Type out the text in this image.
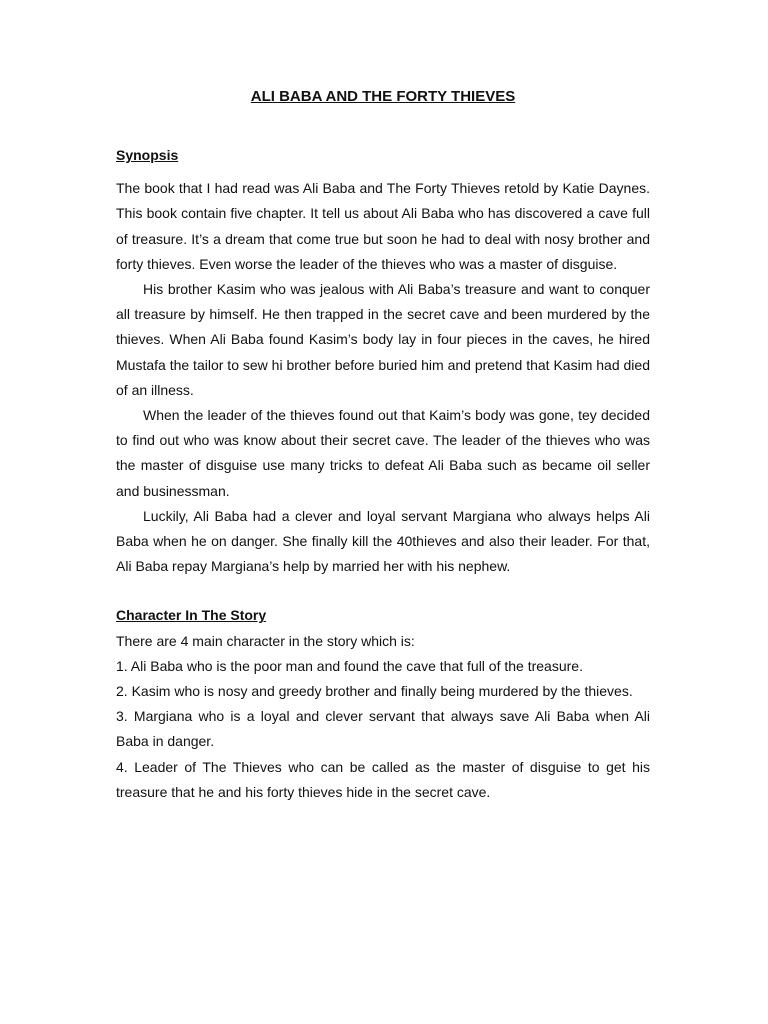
ALI BABA AND THE FORTY THIEVES
Synopsis

The book that I had read was Ali Baba and The Forty Thieves retold by Katie Daynes. This book contain five chapter. It tell us about Ali Baba who has discovered a cave full of treasure. It’s a dream that come true but soon he had to deal with nosy brother and forty thieves. Even worse the leader of the thieves who was a master of disguise.

His brother Kasim who was jealous with Ali Baba’s treasure and want to conquer all treasure by himself. He then trapped in the secret cave and been murdered by the thieves. When Ali Baba found Kasim’s body lay in four pieces in the caves, he hired Mustafa the tailor to sew hi brother before buried him and pretend that Kasim had died of an illness.

When the leader of the thieves found out that Kaim’s body was gone, tey decided to find out who was know about their secret cave. The leader of the thieves who was the master of disguise use many tricks to defeat Ali Baba such as became oil seller and businessman.

Luckily, Ali Baba had a clever and loyal servant Margiana who always helps Ali Baba when he on danger. She finally kill the 40thieves and also their leader. For that, Ali Baba repay Margiana’s help by married her with his nephew.

Character In The Story

There are 4 main character in the story which is:

1. Ali Baba who is the poor man and found the cave that full of the treasure.

2. Kasim who is nosy and greedy brother and finally being murdered by the thieves.

3. Margiana who is a loyal and clever servant that always save Ali Baba when Ali Baba in danger.

4. Leader of The Thieves who can be called as the master of disguise to get his treasure that he and his forty thieves hide in the secret cave.
